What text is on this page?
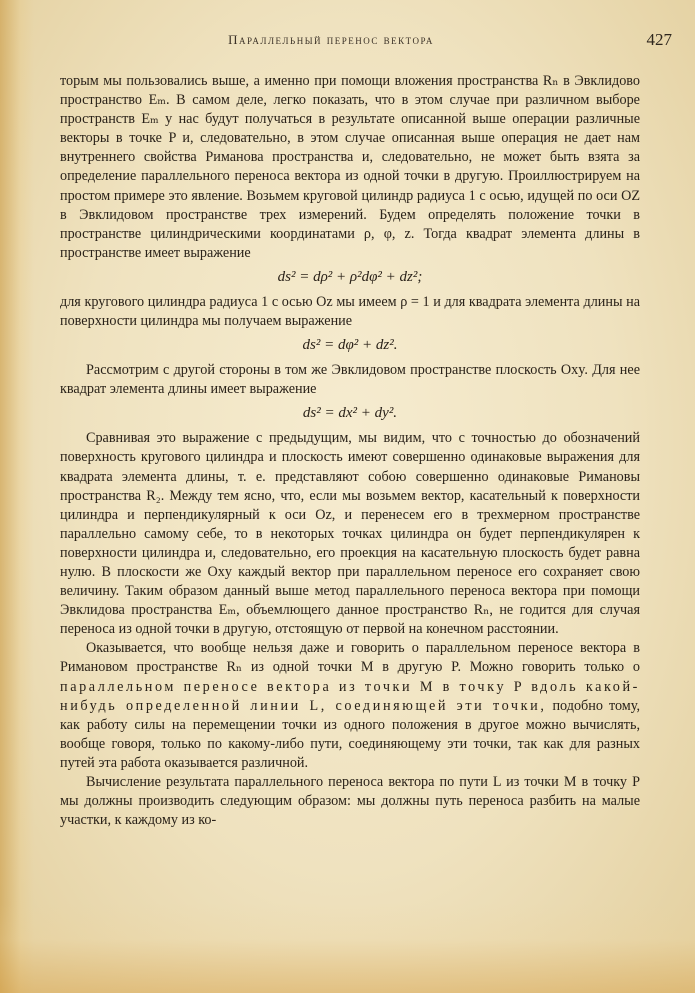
Параллельный перенос вектора	427

торым мы пользовались выше, а именно при помощи вложения пространства Rₙ в Эвклидово пространство Eₘ. В самом деле, легко показать, что в этом случае при различном выборе пространств Eₘ у нас будут получаться в результате описанной выше операции различные векторы в точке P и, следовательно, в этом случае описанная выше операция не дает нам внутреннего свойства Риманова пространства и, следовательно, не может быть взята за определение параллельного переноса вектора из одной точки в другую. Проиллюстрируем на простом примере это явление. Возьмем круговой цилиндр радиуса 1 с осью, идущей по оси OZ в Эвклидовом пространстве трех измерений. Будем определять положение точки в пространстве цилиндрическими координатами ρ, φ, z. Тогда квадрат элемента длины в пространстве имеет выражение

ds² = dρ² + ρ²dφ² + dz²;

для кругового цилиндра радиуса 1 с осью Oz мы имеем ρ = 1 и для квадрата элемента длины на поверхности цилиндра мы получаем выражение

ds² = dφ² + dz².

Рассмотрим с другой стороны в том же Эвклидовом пространстве плоскость Oxy. Для нее квадрат элемента длины имеет выражение

ds² = dx² + dy².

Сравнивая это выражение с предыдущим, мы видим, что с точностью до обозначений поверхность кругового цилиндра и плоскость имеют совершенно одинаковые выражения для квадрата элемента длины, т. е. представляют собою совершенно одинаковые Римановы пространства R₂. Между тем ясно, что, если мы возьмем вектор, касательный к поверхности цилиндра и перпендикулярный к оси Oz, и перенесем его в трехмерном пространстве параллельно самому себе, то в некоторых точках цилиндра он будет перпендикулярен к поверхности цилиндра и, следовательно, его проекция на касательную плоскость будет равна нулю. В плоскости же Oxy каждый вектор при параллельном переносе его сохраняет свою величину. Таким образом данный выше метод параллельного переноса вектора при помощи Эвклидова пространства Eₘ, объемлющего данное пространство Rₙ, не годится для случая переноса из одной точки в другую, отстоящую от первой на конечном расстоянии.

Оказывается, что вообще нельзя даже и говорить о параллельном переносе вектора в Римановом пространстве Rₙ из одной точки M в другую P. Можно говорить только о параллельном переносе вектора из точки M в точку P вдоль какой-нибудь определенной линии L, соединяющей эти точки, подобно тому, как работу силы на перемещении точки из одного положения в другое можно вычислять, вообще говоря, только по какому-либо пути, соединяющему эти точки, так как для разных путей эта работа оказывается различной.

Вычисление результата параллельного переноса вектора по пути L из точки M в точку P мы должны производить следующим образом: мы должны путь переноса разбить на малые участки, к каждому из ко-
